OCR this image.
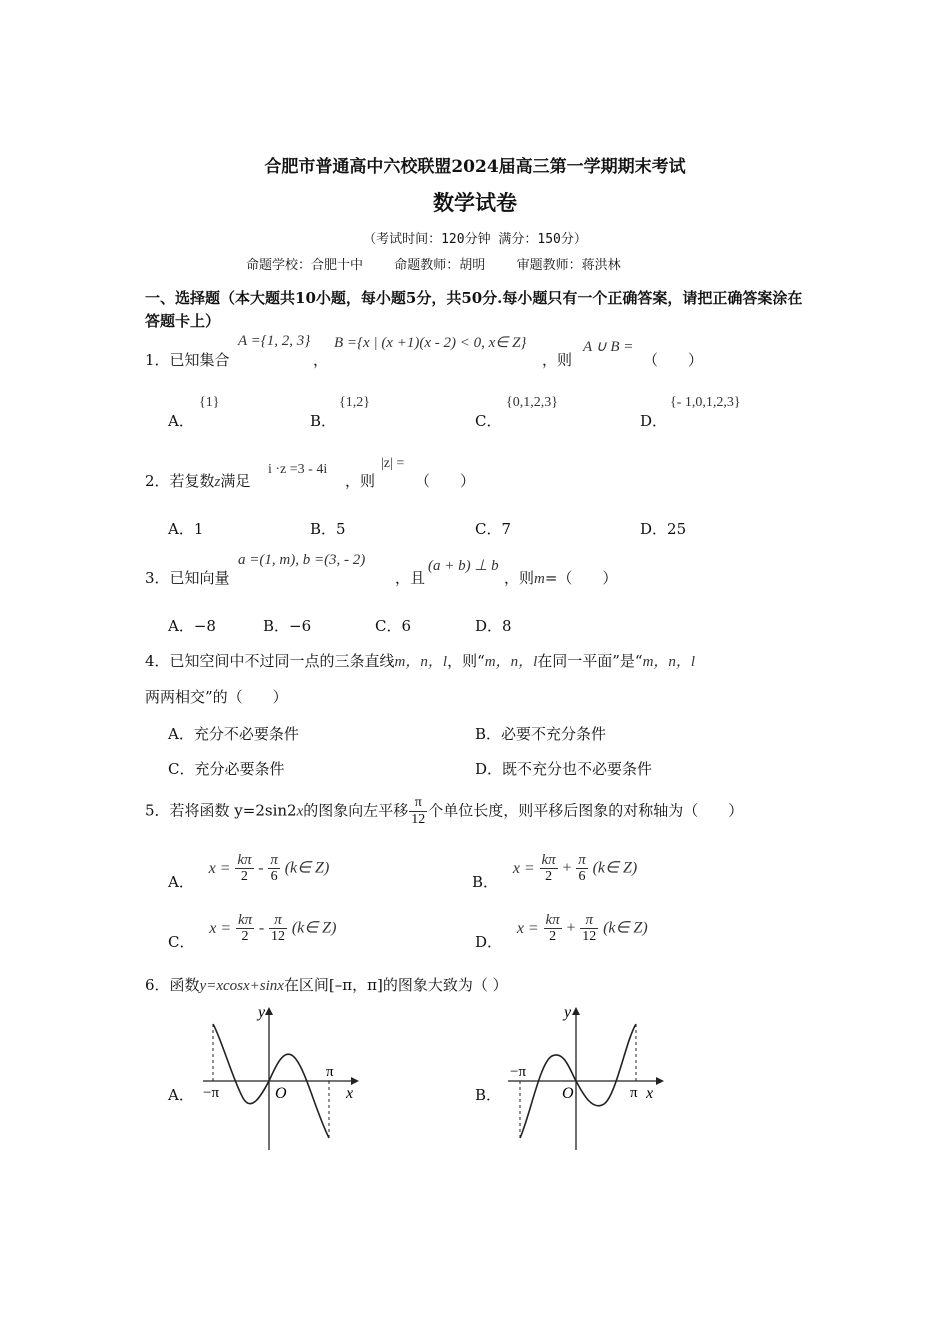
合肥市普通高中六校联盟2024届高三第一学期期末考试
数学试卷
（考试时间：120分钟 满分：150分）
命题学校：合肥十中    命题教师：胡明    审题教师：蒋洪林
一、选择题（本大题共10小题，每小题5分，共50分.每小题只有一个正确答案，请把正确答案涂在答题卡上）
1．已知集合
A ={1, 2, 3}
，
B ={x | (x +1)(x - 2) < 0, x∈ Z}
，则
A ∪ B =
（　　）
A．
{1}
B．
{1,2}
C．
{0,1,2,3}
D．
{- 1,0,1,2,3}
2．若复数z满足
i ·z =3 - 4i
，则
|z| =
（　　）
A．1	B．5	C．7	D．25
3．已知向量
a =(1, m), b =(3, - 2)
，且
(a + b) ⊥ b
，则m=（　　）
A．−8	B．−6	C．6	D．8
4．已知空间中不过同一点的三条直线m，n，l，则“m，n，l在同一平面”是“m，n，l
两两相交”的（　　）
A．充分不必要条件	B．必要不充分条件
C．充分必要条件	D．既不充分也不必要条件
5．若将函数 y=2sin2x的图象向左平移 $\frac{\pi}{12}$ 个单位长度，则平移后图象的对称轴为（　　）
A． $x = \frac{k\pi}{2} - \frac{\pi}{6}$ (k∈ Z)
B． $x = \frac{k\pi}{2} + \frac{\pi}{6}$ (k∈ Z)
C． $x = \frac{k\pi}{2} - \frac{\pi}{12}$ (k∈ Z)
D． $x = \frac{k\pi}{2} + \frac{\pi}{12}$ (k∈ Z)
6．函数y=xcosx+sinx在区间[–π，π]的图象大致为（ ）
A．	B．
y
x
O
−π
π
y
x
O
−π
π
